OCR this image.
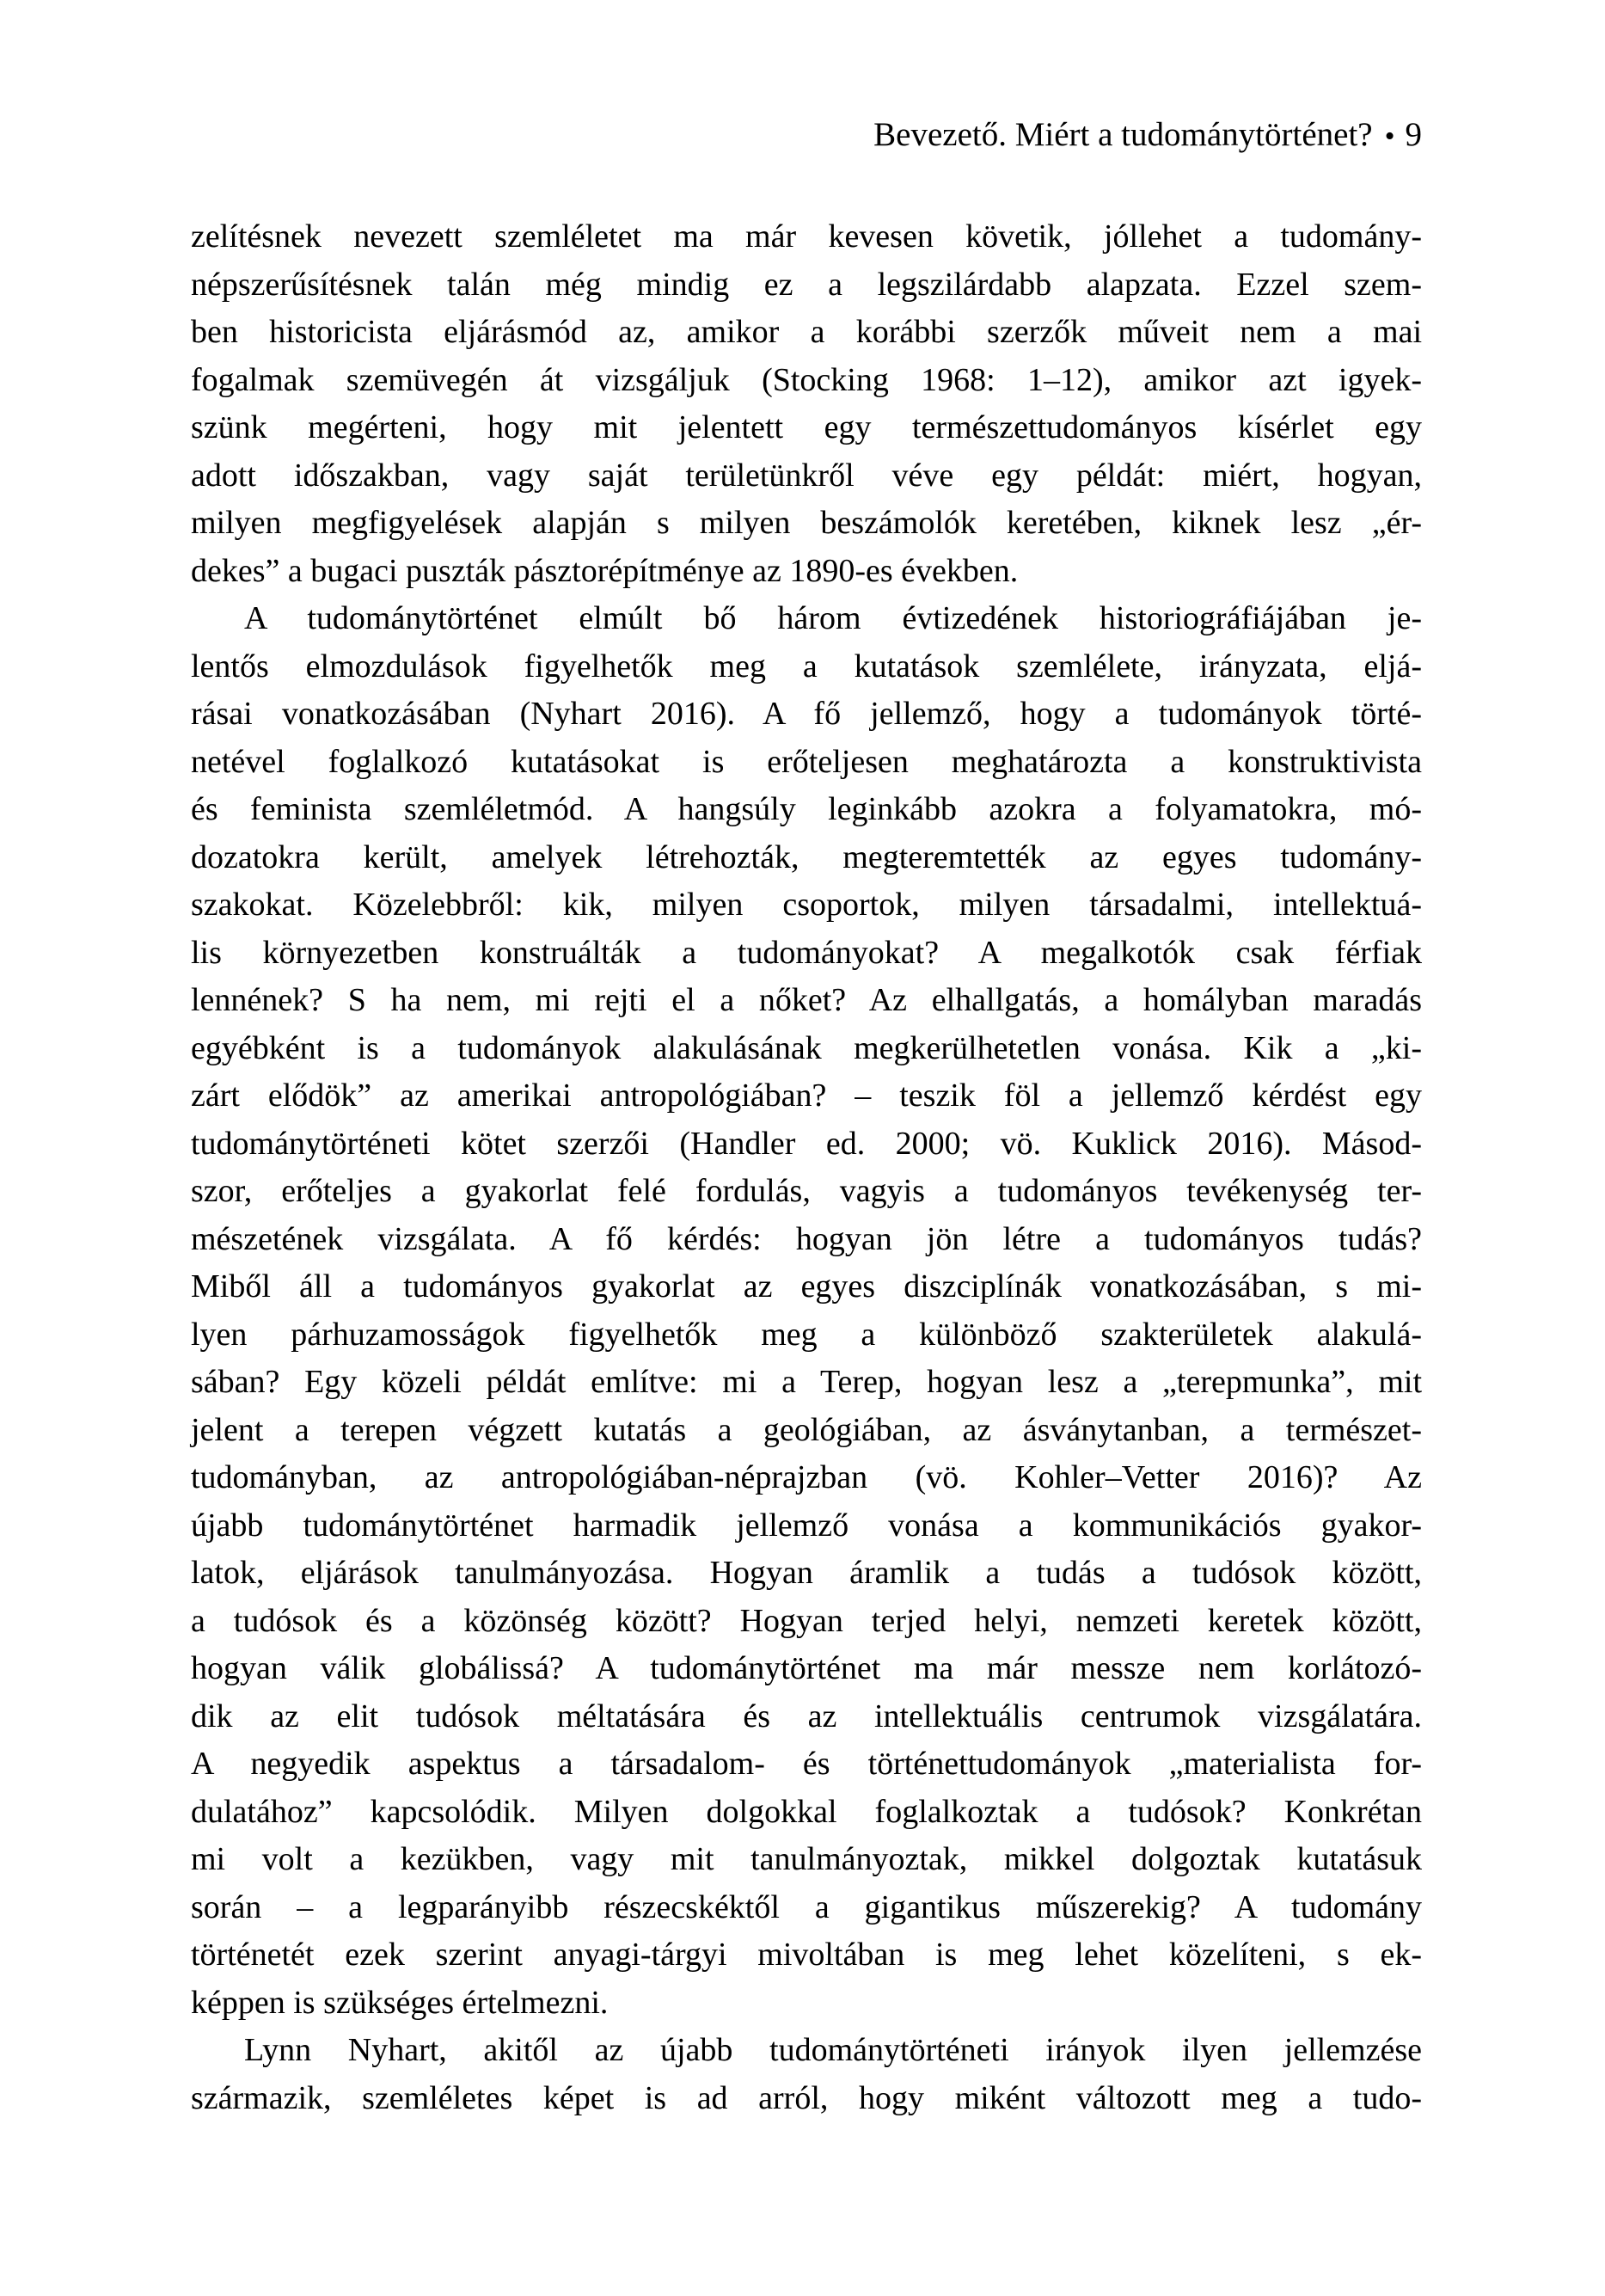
Bevezető. Miért a tudománytörténet? • 9
zelítésnek nevezett szemléletet ma már kevesen követik, jóllehet a tudomány-
népszerűsítésnek talán még mindig ez a legszilárdabb alapzata. Ezzel szem-
ben historicista eljárásmód az, amikor a korábbi szerzők műveit nem a mai
fogalmak szemüvegén át vizsgáljuk (Stocking 1968: 1–12), amikor azt igyek-
szünk megérteni, hogy mit jelentett egy természettudományos kísérlet egy
adott időszakban, vagy saját területünkről véve egy példát: miért, hogyan,
milyen megfigyelések alapján s milyen beszámolók keretében, kiknek lesz „ér-
dekes” a bugaci puszták pásztorépítménye az 1890-es években.
A tudománytörténet elmúlt bő három évtizedének historiográfiájában je-
lentős elmozdulások figyelhetők meg a kutatások szemlélete, irányzata, eljá-
rásai vonatkozásában (Nyhart 2016). A fő jellemző, hogy a tudományok törté-
netével foglalkozó kutatásokat is erőteljesen meghatározta a konstruktivista
és feminista szemléletmód. A hangsúly leginkább azokra a folyamatokra, mó-
dozatokra került, amelyek létrehozták, megteremtették az egyes tudomány-
szakokat. Közelebbről: kik, milyen csoportok, milyen társadalmi, intellektuá-
lis környezetben konstruálták a tudományokat? A megalkotók csak férfiak
lennének? S ha nem, mi rejti el a nőket? Az elhallgatás, a homályban maradás
egyébként is a tudományok alakulásának megkerülhetetlen vonása. Kik a „ki-
zárt elődök” az amerikai antropológiában? – teszik föl a jellemző kérdést egy
tudománytörténeti kötet szerzői (Handler ed. 2000; vö. Kuklick 2016). Másod-
szor, erőteljes a gyakorlat felé fordulás, vagyis a tudományos tevékenység ter-
mészetének vizsgálata. A fő kérdés: hogyan jön létre a tudományos tudás?
Miből áll a tudományos gyakorlat az egyes diszciplínák vonatkozásában, s mi-
lyen párhuzamosságok figyelhetők meg a különböző szakterületek alakulá-
sában? Egy közeli példát említve: mi a Terep, hogyan lesz a „terepmunka”, mit
jelent a terepen végzett kutatás a geológiában, az ásványtanban, a természet-
tudományban, az antropológiában-néprajzban (vö. Kohler–Vetter 2016)? Az
újabb tudománytörténet harmadik jellemző vonása a kommunikációs gyakor-
latok, eljárások tanulmányozása. Hogyan áramlik a tudás a tudósok között,
a tudósok és a közönség között? Hogyan terjed helyi, nemzeti keretek között,
hogyan válik globálissá? A tudománytörténet ma már messze nem korlátozó-
dik az elit tudósok méltatására és az intellektuális centrumok vizsgálatára.
A negyedik aspektus a társadalom- és történettudományok „materialista for-
dulatához” kapcsolódik. Milyen dolgokkal foglalkoztak a tudósok? Konkrétan
mi volt a kezükben, vagy mit tanulmányoztak, mikkel dolgoztak kutatásuk
során – a legparányibb részecskéktől a gigantikus műszerekig? A tudomány
történetét ezek szerint anyagi-tárgyi mivoltában is meg lehet közelíteni, s ek-
képpen is szükséges értelmezni.
Lynn Nyhart, akitől az újabb tudománytörténeti irányok ilyen jellemzése
származik, szemléletes képet is ad arról, hogy miként változott meg a tudo-
